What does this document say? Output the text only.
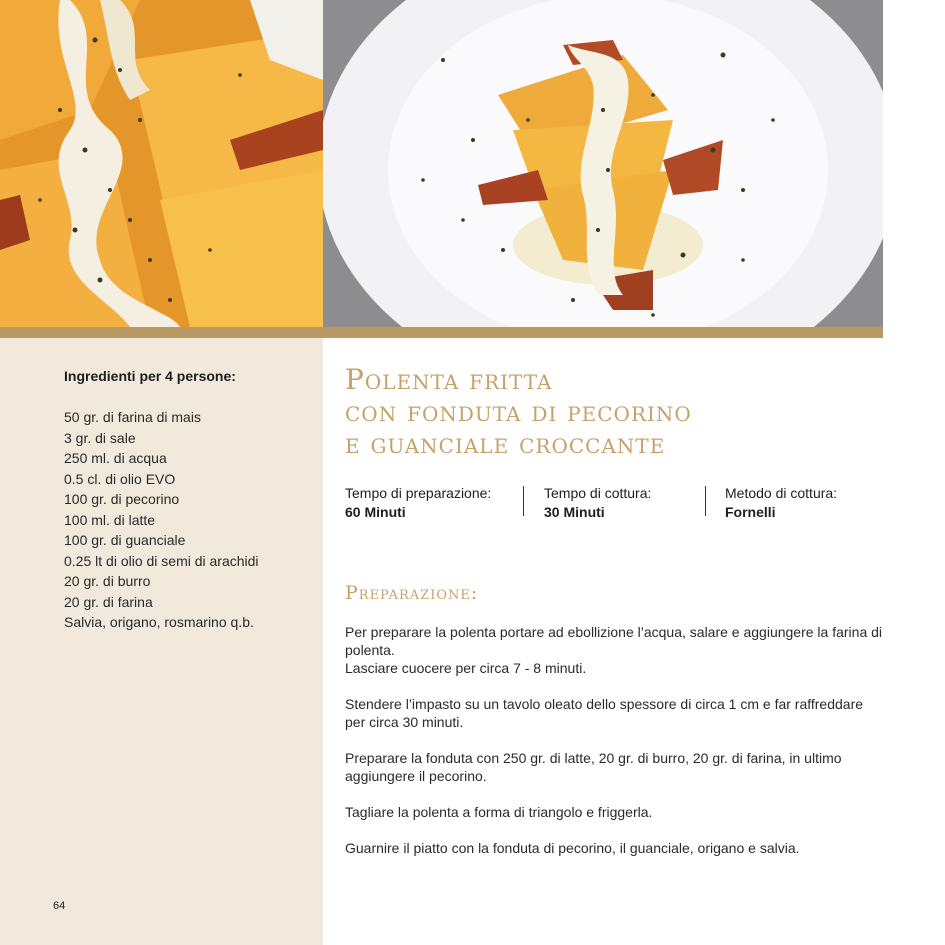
Ingredienti per 4 persone:
50 gr. di farina di mais
3 gr. di sale
250 ml. di acqua
0.5 cl. di olio EVO
100 gr. di pecorino
100 ml. di latte
100 gr. di guanciale
0.25 lt di olio di semi di arachidi
20 gr. di burro
20 gr. di farina
Salvia, origano, rosmarino q.b.
64
Polenta fritta
con fonduta di pecorino
e guanciale croccante
Tempo di preparazione:
60 Minuti
Tempo di cottura:
30 Minuti
Metodo di cottura:
Fornelli
Preparazione:

Per preparare la polenta portare ad ebollizione l’acqua, salare e aggiungere la farina di polenta.
Lasciare cuocere per circa 7 - 8 minuti.

Stendere l’impasto su un tavolo oleato dello spessore di circa 1 cm e far raffreddare per circa 30 minuti.

Preparare la fonduta con 250 gr. di latte, 20 gr. di burro, 20 gr. di farina, in ultimo aggiungere il pecorino.

Tagliare la polenta a forma di triangolo e friggerla.

Guarnire il piatto con la fonduta di pecorino, il guanciale, origano e salvia.
